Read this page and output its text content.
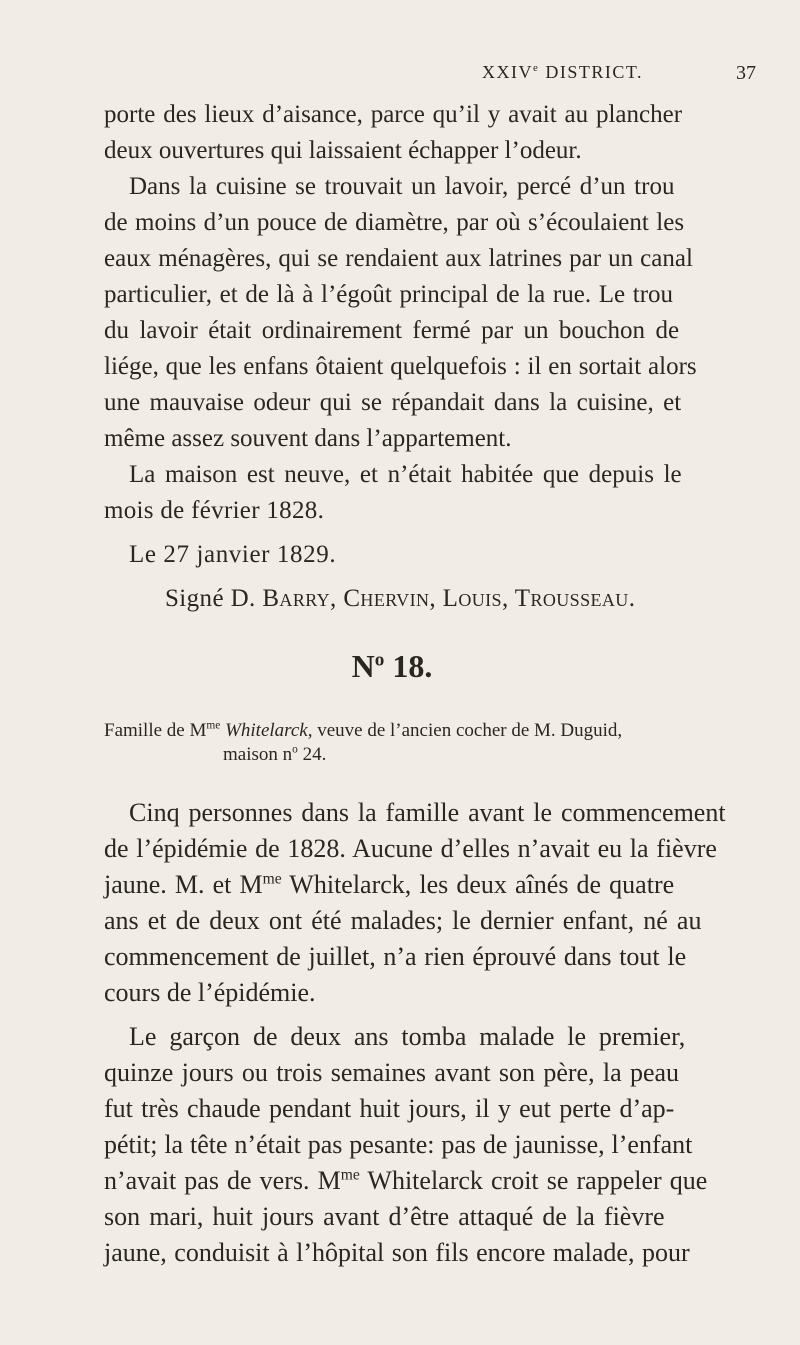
XXIVe DISTRICT.	37
porte des lieux d’aisance, parce qu’il y avait au plancher
deux ouvertures qui laissaient échapper l’odeur.
Dans la cuisine se trouvait un lavoir, percé d’un trou
de moins d’un pouce de diamètre, par où s’écoulaient les
eaux ménagères, qui se rendaient aux latrines par un canal
particulier, et de là à l’égoût principal de la rue. Le trou
du lavoir était ordinairement fermé par un bouchon de
liége, que les enfans ôtaient quelquefois : il en sortait alors
une mauvaise odeur qui se répandait dans la cuisine, et
même assez souvent dans l’appartement.
La maison est neuve, et n’était habitée que depuis le
mois de février 1828.
Le 27 janvier 1829.
Signé D. Barry, Chervin, Louis, Trousseau.
$N^o$ 18.
Famille de $M^{me}$ Whitelarck, veuve de l’ancien cocher de M. Duguid,
maison $n^o$ 24.
Cinq personnes dans la famille avant le commencement
de l’épidémie de 1828. Aucune d’elles n’avait eu la fièvre
jaune. M. et $M^{me}$ Whitelarck, les deux aînés de quatre
ans et de deux ont été malades; le dernier enfant, né au
commencement de juillet, n’a rien éprouvé dans tout le
cours de l’épidémie.
Le garçon de deux ans tomba malade le premier,
quinze jours ou trois semaines avant son père, la peau
fut très chaude pendant huit jours, il y eut perte d’ap-
pétit; la tête n’était pas pesante: pas de jaunisse, l’enfant
n’avait pas de vers. $M^{me}$ Whitelarck croit se rappeler que
son mari, huit jours avant d’être attaqué de la fièvre
jaune, conduisit à l’hôpital son fils encore malade, pour
